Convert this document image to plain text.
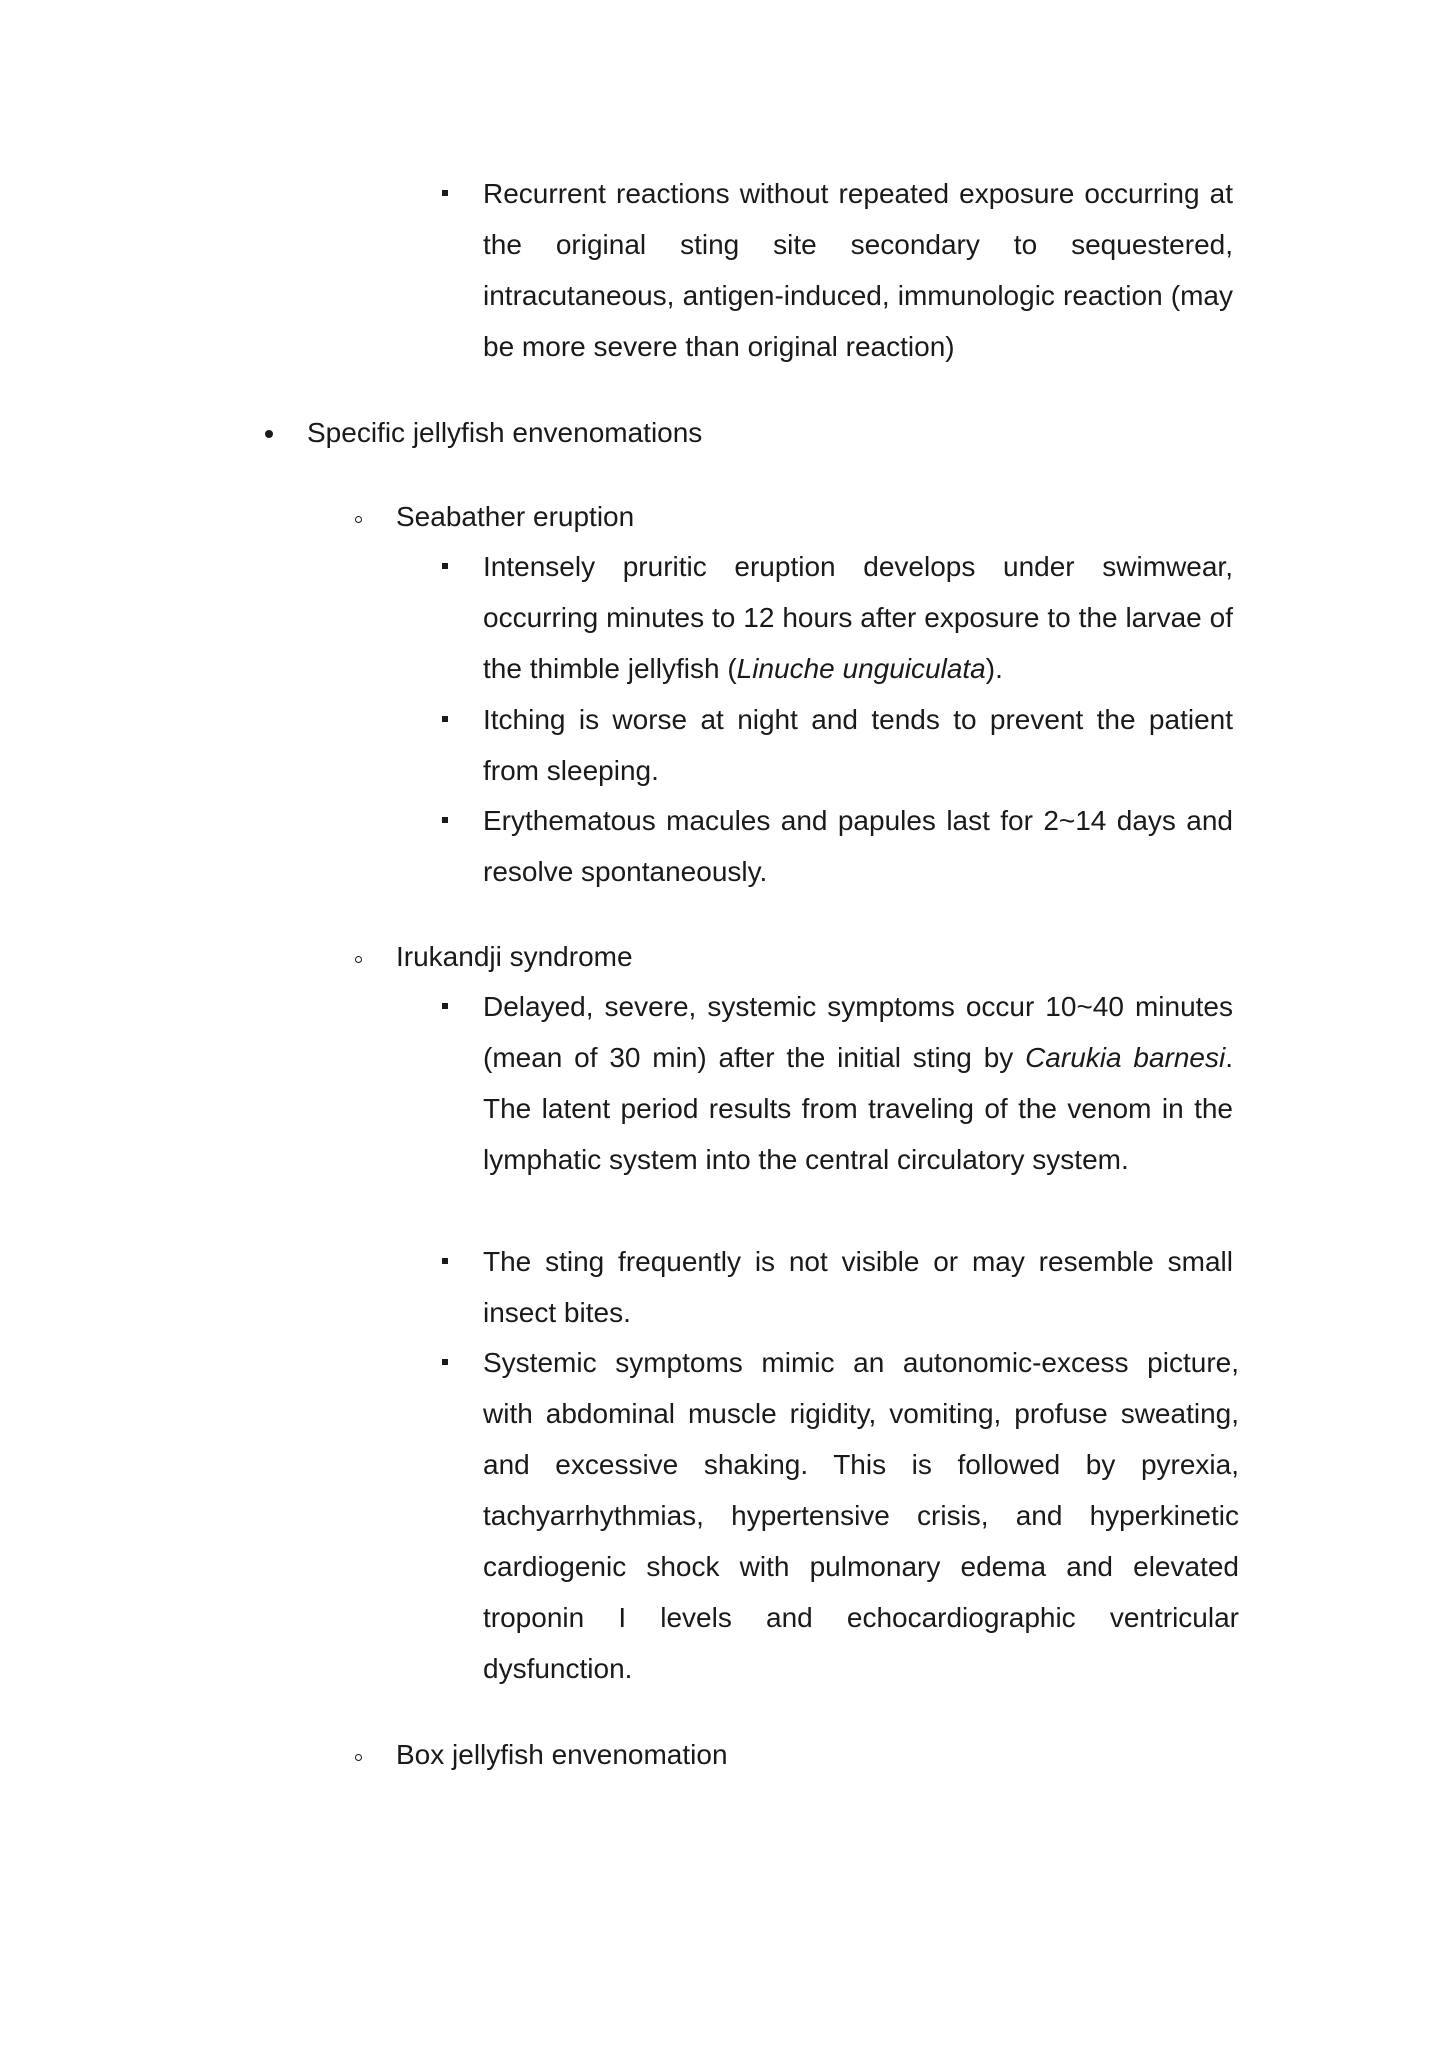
Recurrent reactions without repeated exposure occurring at the original sting site secondary to sequestered, intracutaneous, antigen-induced, immunologic reaction (may be more severe than original reaction)

Specific jellyfish envenomations
Seabather eruption

Intensely pruritic eruption develops under swimwear, occurring minutes to 12 hours after exposure to the larvae of the thimble jellyfish (Linuche unguiculata).

Itching is worse at night and tends to prevent the patient from sleeping.

Erythematous macules and papules last for 2~14 days and resolve spontaneously.

Irukandji syndrome

Delayed, severe, systemic symptoms occur 10~40 minutes (mean of 30 min) after the initial sting by Carukia barnesi. The latent period results from traveling of the venom in the lymphatic system into the central circulatory system.

The sting frequently is not visible or may resemble small insect bites.

Systemic symptoms mimic an autonomic-excess picture, with abdominal muscle rigidity, vomiting, profuse sweating, and excessive shaking. This is followed by pyrexia, tachyarrhythmias, hypertensive crisis, and hyperkinetic cardiogenic shock with pulmonary edema and elevated troponin I levels and echocardiographic ventricular dysfunction.

Box jellyfish envenomation
